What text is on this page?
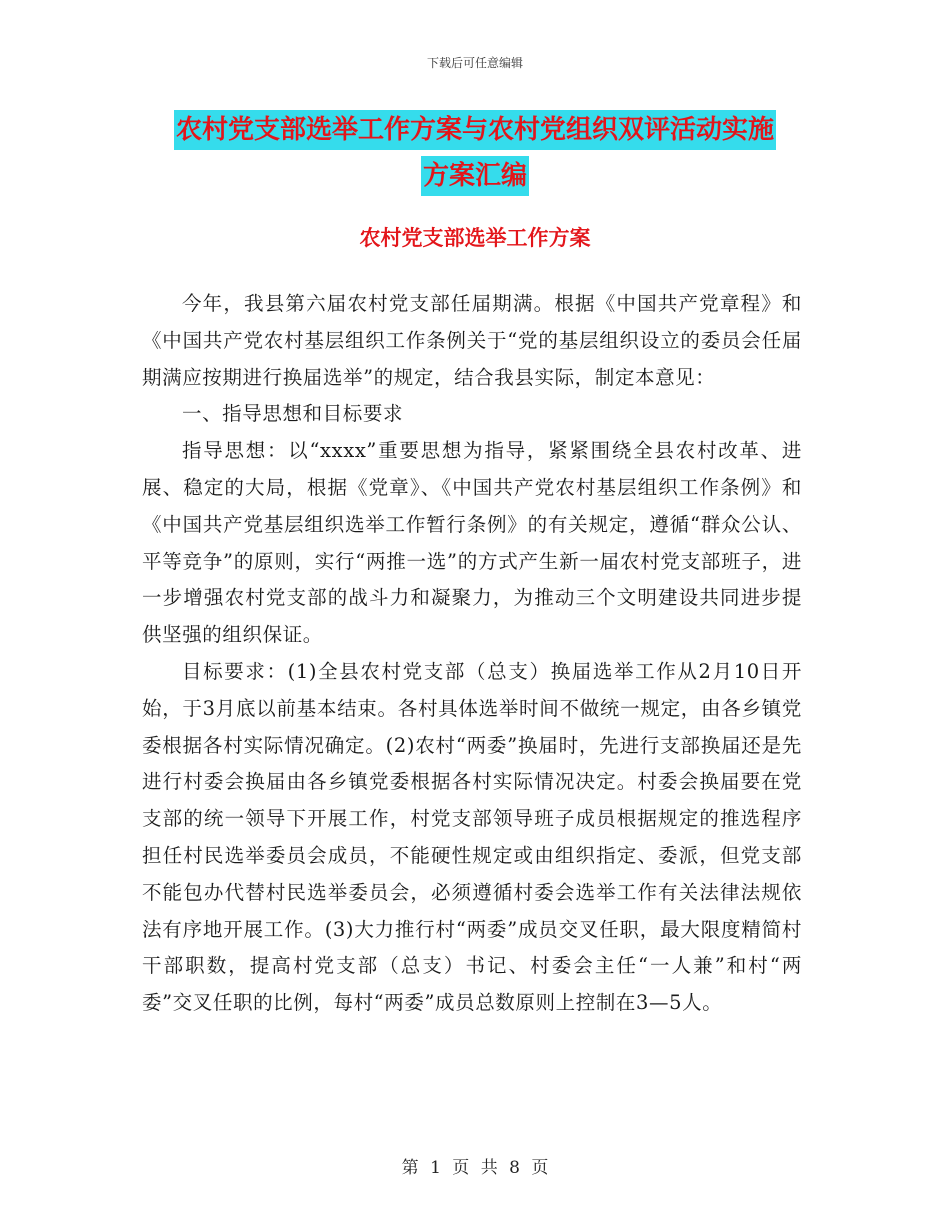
下载后可任意编辑
农村党支部选举工作方案与农村党组织双评活动实施
方案汇编
农村党支部选举工作方案

今年，我县第六届农村党支部任届期满。根据《中国共产党章程》和《中国共产党农村基层组织工作条例关于“党的基层组织设立的委员会任届期满应按期进行换届选举”的规定，结合我县实际，制定本意见：

一、指导思想和目标要求

指导思想：以“xxxx”重要思想为指导，紧紧围绕全县农村改革、进展、稳定的大局，根据《党章》、《中国共产党农村基层组织工作条例》和《中国共产党基层组织选举工作暂行条例》的有关规定，遵循“群众公认、平等竞争”的原则，实行“两推一选”的方式产生新一届农村党支部班子，进一步增强农村党支部的战斗力和凝聚力，为推动三个文明建设共同进步提供坚强的组织保证。

目标要求：(1)全县农村党支部（总支）换届选举工作从2月10日开始，于3月底以前基本结束。各村具体选举时间不做统一规定，由各乡镇党委根据各村实际情况确定。(2)农村“两委”换届时，先进行支部换届还是先进行村委会换届由各乡镇党委根据各村实际情况决定。村委会换届要在党支部的统一领导下开展工作，村党支部领导班子成员根据规定的推选程序担任村民选举委员会成员，不能硬性规定或由组织指定、委派，但党支部不能包办代替村民选举委员会，必须遵循村委会选举工作有关法律法规依法有序地开展工作。(3)大力推行村“两委”成员交叉任职，最大限度精简村干部职数，提高村党支部（总支）书记、村委会主任“一人兼”和村“两委”交叉任职的比例，每村“两委”成员总数原则上控制在3—5人。

第 1 页 共 8 页
